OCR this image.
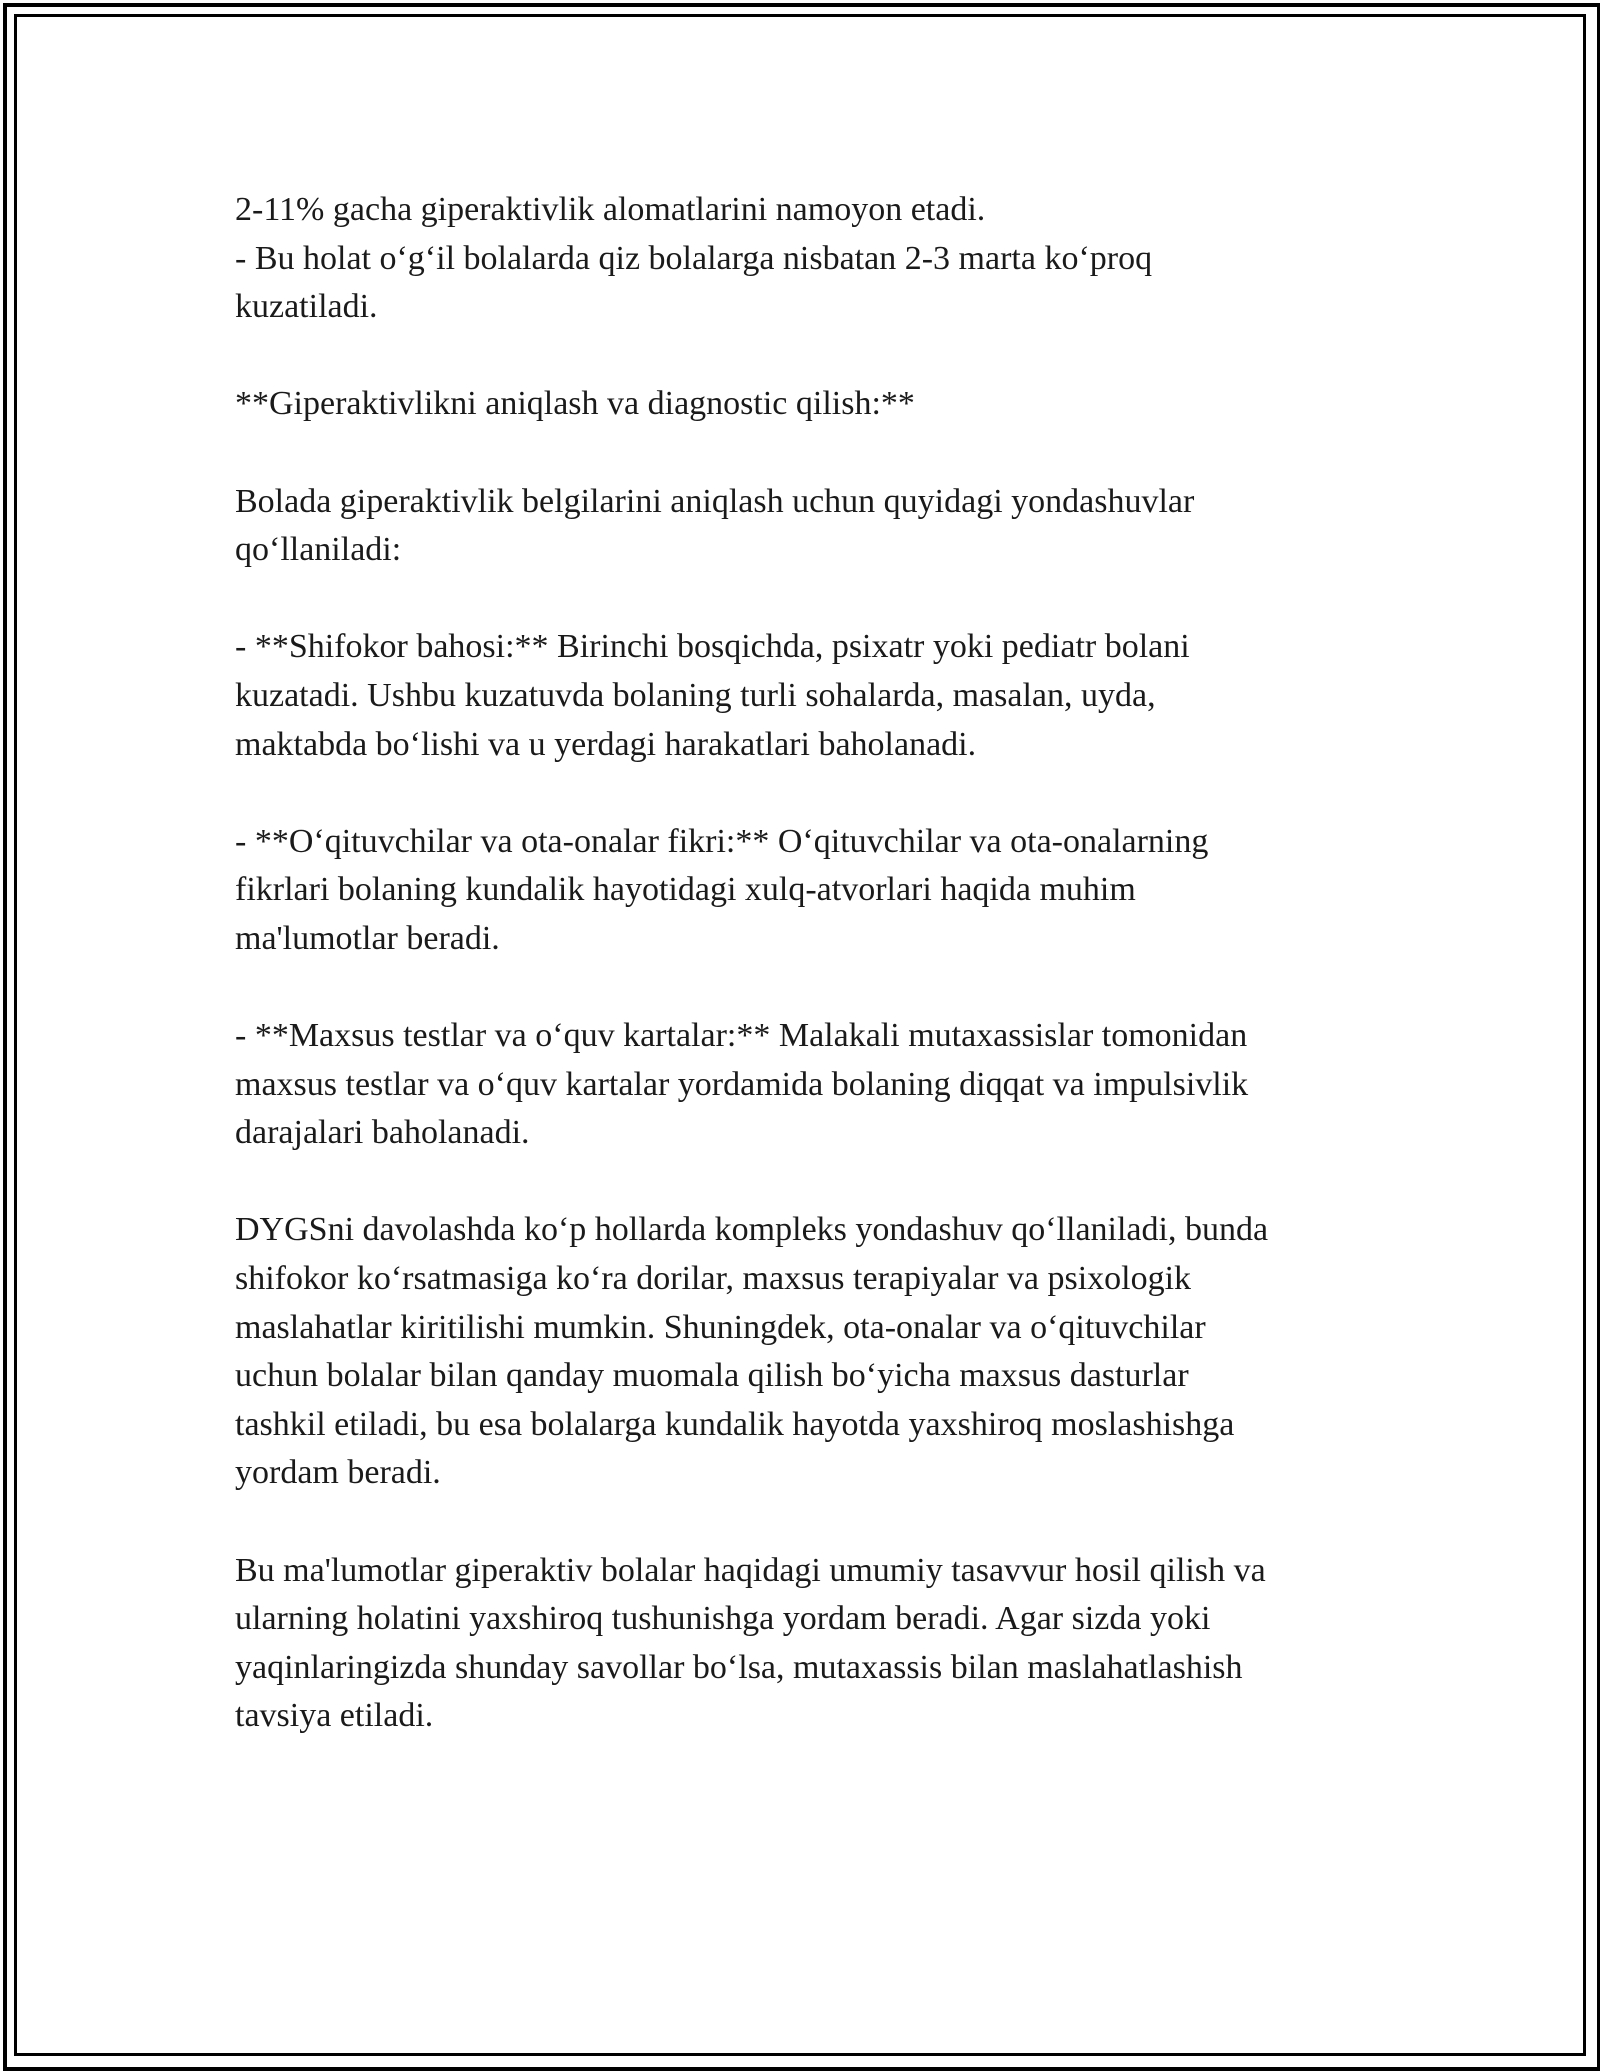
2-11% gacha giperaktivlik alomatlarini namoyon etadi.
- Bu holat o‘g‘il bolalarda qiz bolalarga nisbatan 2-3 marta ko‘proq
kuzatiladi.
**Giperaktivlikni aniqlash va diagnostic qilish:**
Bolada giperaktivlik belgilarini aniqlash uchun quyidagi yondashuvlar
qo‘llaniladi:
- **Shifokor bahosi:** Birinchi bosqichda, psixatr yoki pediatr bolani
kuzatadi. Ushbu kuzatuvda bolaning turli sohalarda, masalan, uyda,
maktabda bo‘lishi va u yerdagi harakatlari baholanadi.
- **O‘qituvchilar va ota-onalar fikri:** O‘qituvchilar va ota-onalarning
fikrlari bolaning kundalik hayotidagi xulq-atvorlari haqida muhim
ma'lumotlar beradi.
- **Maxsus testlar va o‘quv kartalar:** Malakali mutaxassislar tomonidan
maxsus testlar va o‘quv kartalar yordamida bolaning diqqat va impulsivlik
darajalari baholanadi.
DYGSni davolashda ko‘p hollarda kompleks yondashuv qo‘llaniladi, bunda
shifokor ko‘rsatmasiga ko‘ra dorilar, maxsus terapiyalar va psixologik
maslahatlar kiritilishi mumkin. Shuningdek, ota-onalar va o‘qituvchilar
uchun bolalar bilan qanday muomala qilish bo‘yicha maxsus dasturlar
tashkil etiladi, bu esa bolalarga kundalik hayotda yaxshiroq moslashishga
yordam beradi.
Bu ma'lumotlar giperaktiv bolalar haqidagi umumiy tasavvur hosil qilish va
ularning holatini yaxshiroq tushunishga yordam beradi. Agar sizda yoki
yaqinlaringizda shunday savollar bo‘lsa, mutaxassis bilan maslahatlashish
tavsiya etiladi.
